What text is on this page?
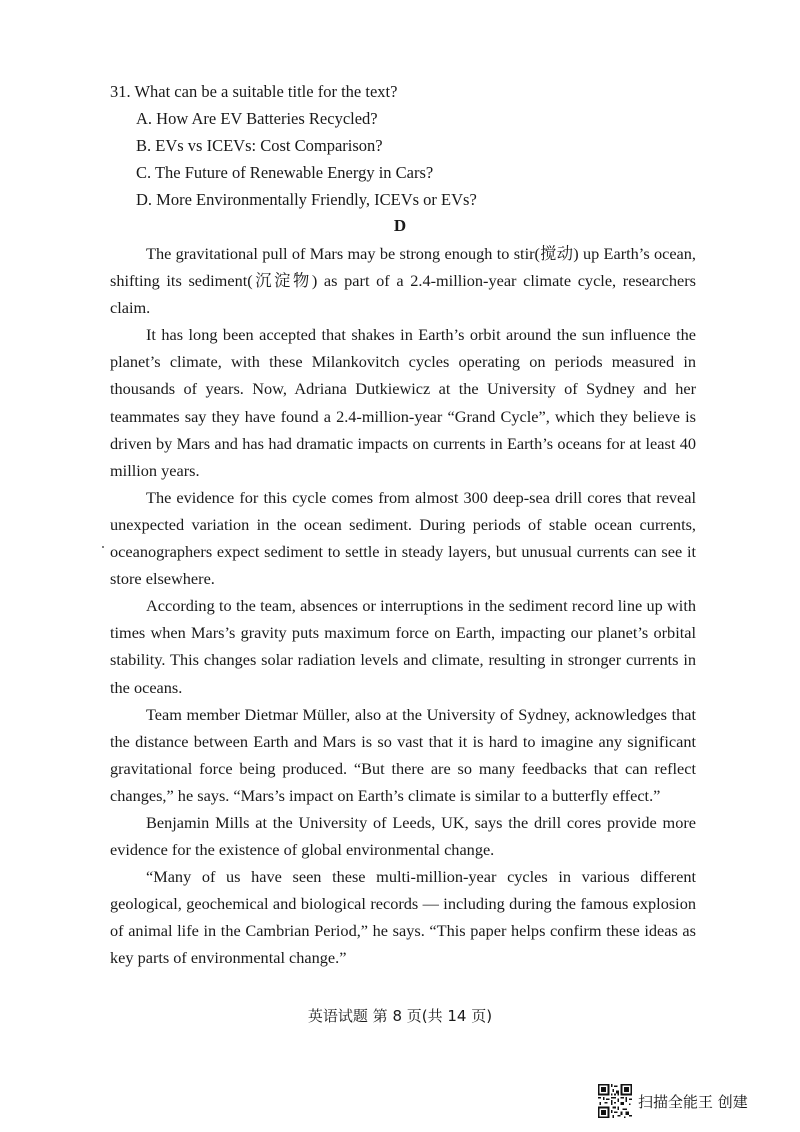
31. What can be a suitable title for the text?
A. How Are EV Batteries Recycled?
B. EVs vs ICEVs: Cost Comparison?
C. The Future of Renewable Energy in Cars?
D. More Environmentally Friendly, ICEVs or EVs?
D

The gravitational pull of Mars may be strong enough to stir(搅动) up Earth’s ocean, shifting its sediment(沉淀物) as part of a 2.4-million-year climate cycle, researchers claim.

It has long been accepted that shakes in Earth’s orbit around the sun influence the planet’s climate, with these Milankovitch cycles operating on periods measured in thousands of years. Now, Adriana Dutkiewicz at the University of Sydney and her teammates say they have found a 2.4-million-year “Grand Cycle”, which they believe is driven by Mars and has had dramatic impacts on currents in Earth’s oceans for at least 40 million years.

The evidence for this cycle comes from almost 300 deep-sea drill cores that reveal unexpected variation in the ocean sediment. During periods of stable ocean currents, oceanographers expect sediment to settle in steady layers, but unusual currents can see it store elsewhere.

According to the team, absences or interruptions in the sediment record line up with times when Mars’s gravity puts maximum force on Earth, impacting our planet’s orbital stability. This changes solar radiation levels and climate, resulting in stronger currents in the oceans.

Team member Dietmar Müller, also at the University of Sydney, acknowledges that the distance between Earth and Mars is so vast that it is hard to imagine any significant gravitational force being produced. “But there are so many feedbacks that can reflect changes,” he says. “Mars’s impact on Earth’s climate is similar to a butterfly effect.”

Benjamin Mills at the University of Leeds, UK, says the drill cores provide more evidence for the existence of global environmental change.

“Many of us have seen these multi-million-year cycles in various different geological, geochemical and biological records — including during the famous explosion of animal life in the Cambrian Period,” he says. “This paper helps confirm these ideas as key parts of environmental change.”

英语试题 第 8 页(共 14 页)
扫描全能王 创建
